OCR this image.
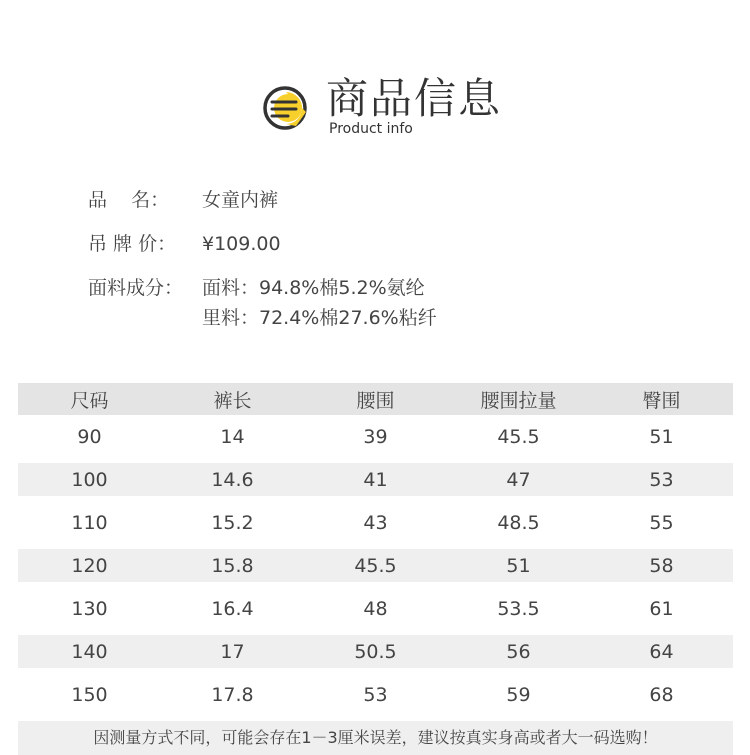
商品信息
Product info
品    名： 女童内裤
吊 牌 价： ¥109.00
面料成分： 面料：94.8%棉5.2%氨纶
里料：72.4%棉27.6%粘纤
尺码	裤长	腰围	腰围拉量	臀围
90	14	39	45.5	51
100	14.6	41	47	53
110	15.2	43	48.5	55
120	15.8	45.5	51	58
130	16.4	48	53.5	61
140	17	50.5	56	64
150	17.8	53	59	68
因测量方式不同，可能会存在1－3厘米误差，建议按真实身高或者大一码选购！
